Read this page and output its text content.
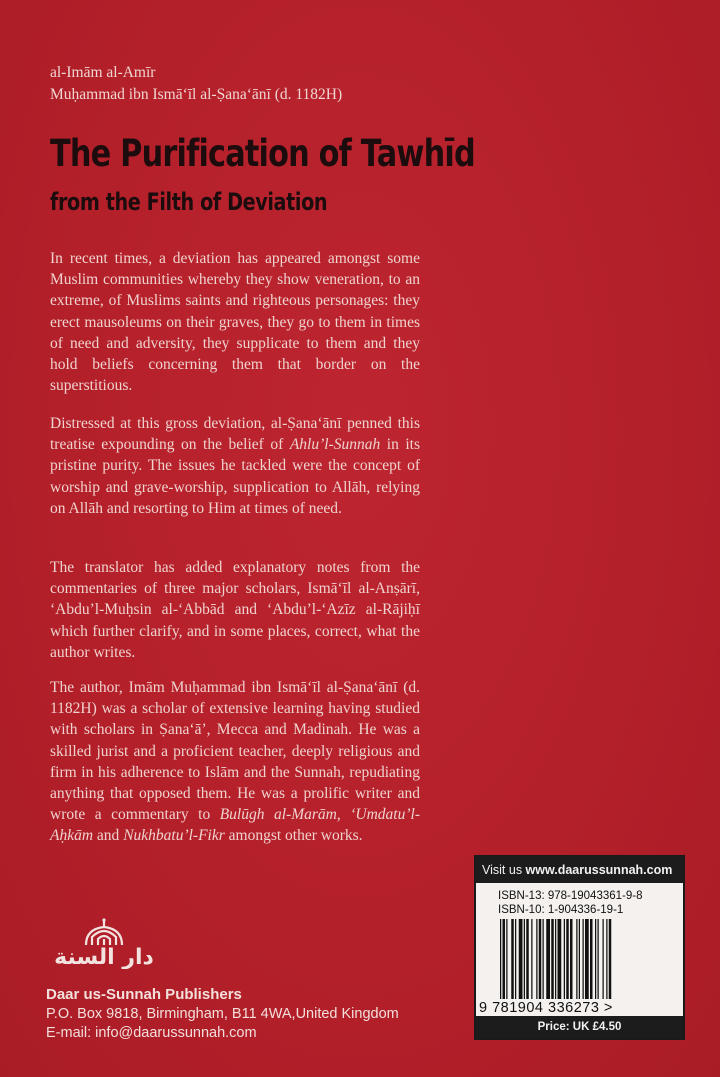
al-Imām al-Amīr
Muḥammad ibn Ismā‘īl al-Ṣana‘ānī (d. 1182H)
The Purification of Tawhīd
from the Filth of Deviation

In recent times, a deviation has appeared amongst some Muslim communities whereby they show veneration, to an extreme, of Muslims saints and righteous personages: they erect mausoleums on their graves, they go to them in times of need and adversity, they supplicate to them and they hold beliefs concerning them that border on the superstitious.

Distressed at this gross deviation, al-Ṣana‘ānī penned this treatise expounding on the belief of Ahlu’l-Sunnah in its pristine purity. The issues he tackled were the concept of worship and grave-worship, supplication to Allāh, relying on Allāh and resorting to Him at times of need.

The translator has added explanatory notes from the commentaries of three major scholars, Ismā‘īl al-Anṣārī, ‘Abdu’l-Muḥsin al-‘Abbād and ‘Abdu’l-‘Azīz al-Rājiḥī which further clarify, and in some places, correct, what the author writes.

The author, Imām Muḥammad ibn Ismā‘īl al-Ṣana‘ānī (d. 1182H) was a scholar of extensive learning having studied with scholars in Ṣana‘ā’, Mecca and Madinah. He was a skilled jurist and a proficient teacher, deeply religious and firm in his adherence to Islām and the Sunnah, repudiating anything that opposed them. He was a prolific writer and wrote a commentary to Bulūgh al-Marām, ‘Umdatu’l-Aḥkām and Nukhbatu’l-Fikr amongst other works.

دار السنة
Daar us-Sunnah Publishers
P.O. Box 9818, Birmingham, B11 4WA,United Kingdom
E-mail: info@daarussunnah.com
Visit us www.daarussunnah.com
ISBN-13: 978-19043361-9-8
ISBN-10: 1-904336-19-1
9 781904 336273 >
Price: UK £4.50
